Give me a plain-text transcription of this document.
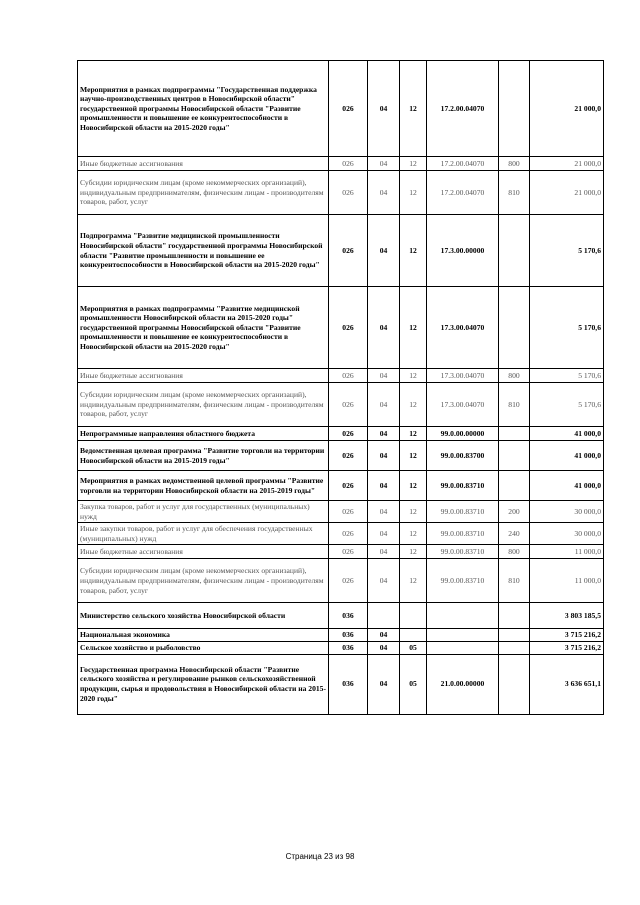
Мероприятия в рамках подпрограммы "Государственная поддержка научно-производственных центров в Новосибирской области" государственной программы Новосибирской области "Развитие промышленности и повышение ее конкурентоспособности в Новосибирской области на 2015-2020 годы"	026	04	12	17.2.00.04070		21 000,0
Иные бюджетные ассигнования	026	04	12	17.2.00.04070	800	21 000,0
Субсидии юридическим лицам (кроме некоммерческих организаций), индивидуальным предпринимателям, физическим лицам - производителям товаров, работ, услуг	026	04	12	17.2.00.04070	810	21 000,0
Подпрограмма "Развитие медицинской промышленности Новосибирской области" государственной программы Новосибирской области "Развитие промышленности и повышение ее конкурентоспособности в Новосибирской области на 2015-2020 годы"	026	04	12	17.3.00.00000		5 170,6
Мероприятия в рамках подпрограммы "Развитие медицинской промышленности Новосибирской области на 2015-2020 годы" государственной программы Новосибирской области "Развитие промышленности и повышение ее конкурентоспособности в Новосибирской области на 2015-2020 годы"	026	04	12	17.3.00.04070		5 170,6
Иные бюджетные ассигнования	026	04	12	17.3.00.04070	800	5 170,6
Субсидии юридическим лицам (кроме некоммерческих организаций), индивидуальным предпринимателям, физическим лицам - производителям товаров, работ, услуг	026	04	12	17.3.00.04070	810	5 170,6
Непрограммные направления областного бюджета	026	04	12	99.0.00.00000		41 000,0
Ведомственная целевая программа "Развитие торговли на территории Новосибирской области на 2015-2019 годы"	026	04	12	99.0.00.83700		41 000,0
Мероприятия в рамках ведомственной целевой программы "Развитие торговли на территории Новосибирской области на 2015-2019 годы"	026	04	12	99.0.00.83710		41 000,0
Закупка товаров, работ и услуг для государственных (муниципальных) нужд	026	04	12	99.0.00.83710	200	30 000,0
Иные закупки товаров, работ и услуг для обеспечения государственных (муниципальных) нужд	026	04	12	99.0.00.83710	240	30 000,0
Иные бюджетные ассигнования	026	04	12	99.0.00.83710	800	11 000,0
Субсидии юридическим лицам (кроме некоммерческих организаций), индивидуальным предпринимателям, физическим лицам - производителям товаров, работ, услуг	026	04	12	99.0.00.83710	810	11 000,0
Министерство сельского хозяйства Новосибирской области	036					3 803 185,5
Национальная экономика	036	04				3 715 216,2
Сельское хозяйство и рыболовство	036	04	05			3 715 216,2
Государственная программа Новосибирской области "Развитие сельского хозяйства и регулирование рынков сельскохозяйственной продукции, сырья и продовольствия в Новосибирской области на 2015-2020 годы"	036	04	05	21.0.00.00000		3 636 651,1
Страница 23 из 98
